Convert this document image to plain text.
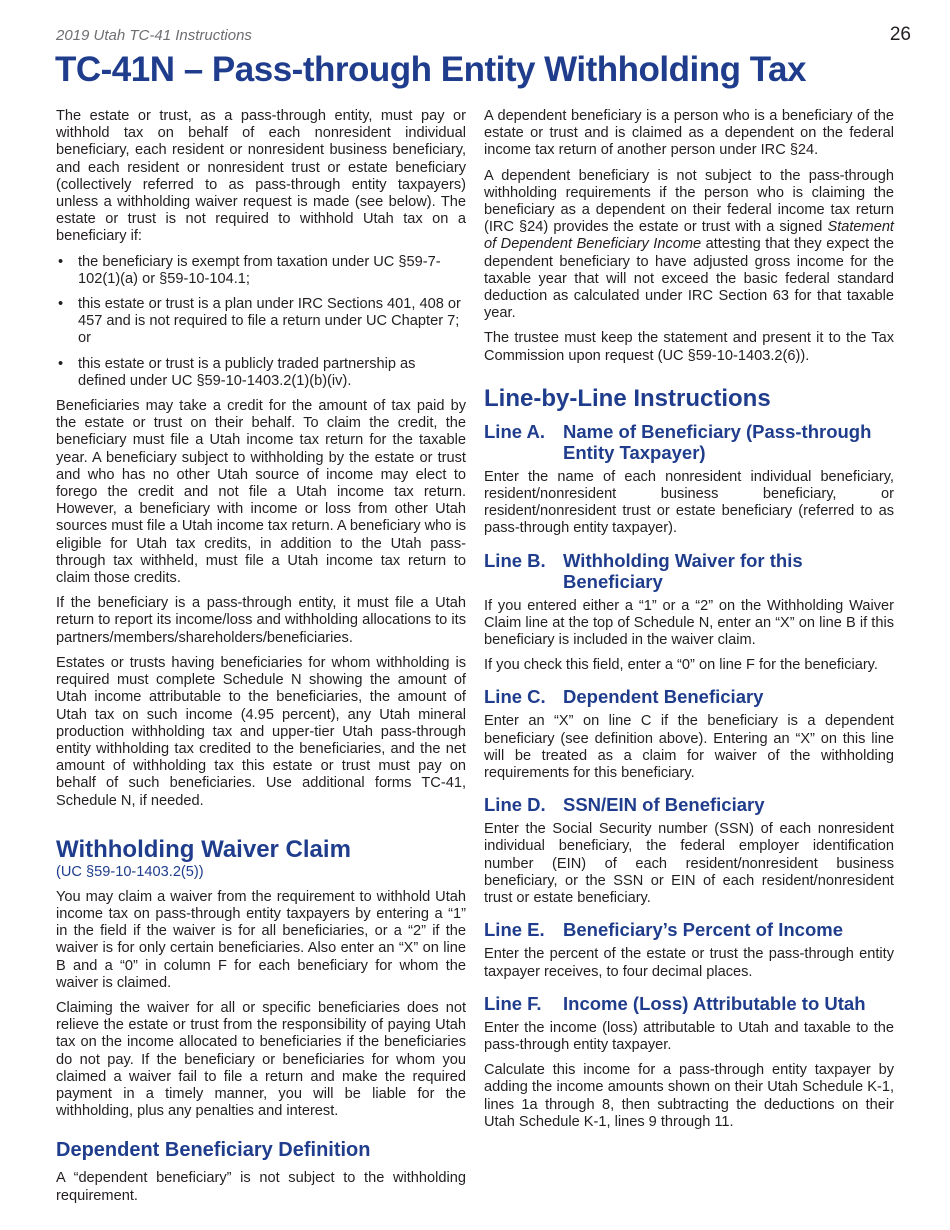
2019 Utah TC-41 Instructions	26
TC-41N – Pass-through Entity Withholding Tax

The estate or trust, as a pass-through entity, must pay or withhold tax on behalf of each nonresident individual beneficiary, each resident or nonresident business beneficiary, and each resident or nonresident trust or estate beneficiary (collectively referred to as pass-through entity taxpayers) unless a withholding waiver request is made (see below). The estate or trust is not required to withhold Utah tax on a beneficiary if:

• the beneficiary is exempt from taxation under UC §59-7-102(1)(a) or §59-10-104.1;
• this estate or trust is a plan under IRC Sections 401, 408 or 457 and is not required to file a return under UC Chapter 7; or
• this estate or trust is a publicly traded partnership as defined under UC §59-10-1403.2(1)(b)(iv).

Beneficiaries may take a credit for the amount of tax paid by the estate or trust on their behalf. To claim the credit, the beneficiary must file a Utah income tax return for the taxable year. A beneficiary subject to withholding by the estate or trust and who has no other Utah source of income may elect to forego the credit and not file a Utah income tax return. However, a beneficiary with income or loss from other Utah sources must file a Utah income tax return. A beneficiary who is eligible for Utah tax credits, in addition to the Utah pass-through tax withheld, must file a Utah income tax return to claim those credits.

If the beneficiary is a pass-through entity, it must file a Utah return to report its income/loss and withholding allocations to its partners/members/shareholders/beneficiaries.

Estates or trusts having beneficiaries for whom withholding is required must complete Schedule N showing the amount of Utah income attributable to the beneficiaries, the amount of Utah tax on such income (4.95 percent), any Utah mineral production withholding tax and upper-tier Utah pass-through entity withholding tax credited to the beneficiaries, and the net amount of withholding tax this estate or trust must pay on behalf of such beneficiaries. Use additional forms TC-41, Schedule N, if needed.

Withholding Waiver Claim
(UC §59-10-1403.2(5))

You may claim a waiver from the requirement to withhold Utah income tax on pass-through entity taxpayers by entering a “1” in the field if the waiver is for all beneficiaries, or a “2” if the waiver is for only certain beneficiaries. Also enter an “X” on line B and a “0” in column F for each beneficiary for whom the waiver is claimed.

Claiming the waiver for all or specific beneficiaries does not relieve the estate or trust from the responsibility of paying Utah tax on the income allocated to beneficiaries if the beneficiaries do not pay. If the beneficiary or beneficiaries for whom you claimed a waiver fail to file a return and make the required payment in a timely manner, you will be liable for the withholding, plus any penalties and interest.

Dependent Beneficiary Definition

A “dependent beneficiary” is not subject to the withholding requirement.

A dependent beneficiary is a person who is a beneficiary of the estate or trust and is claimed as a dependent on the federal income tax return of another person under IRC §24.

A dependent beneficiary is not subject to the pass-through withholding requirements if the person who is claiming the beneficiary as a dependent on their federal income tax return (IRC §24) provides the estate or trust with a signed Statement of Dependent Beneficiary Income attesting that they expect the dependent beneficiary to have adjusted gross income for the taxable year that will not exceed the basic federal standard deduction as calculated under IRC Section 63 for that taxable year.

The trustee must keep the statement and present it to the Tax Commission upon request (UC §59-10-1403.2(6)).

Line-by-Line Instructions
Line A. Name of Beneficiary (Pass-through Entity Taxpayer)

Enter the name of each nonresident individual beneficiary, resident/nonresident business beneficiary, or resident/nonresident trust or estate beneficiary (referred to as pass-through entity taxpayer).

Line B. Withholding Waiver for this Beneficiary

If you entered either a “1” or a “2” on the Withholding Waiver Claim line at the top of Schedule N, enter an “X” on line B if this beneficiary is included in the waiver claim.

If you check this field, enter a “0” on line F for the beneficiary.

Line C. Dependent Beneficiary

Enter an “X” on line C if the beneficiary is a dependent beneficiary (see definition above). Entering an “X” on this line will be treated as a claim for waiver of the withholding requirements for this beneficiary.

Line D. SSN/EIN of Beneficiary

Enter the Social Security number (SSN) of each nonresident individual beneficiary, the federal employer identification number (EIN) of each resident/nonresident business beneficiary, or the SSN or EIN of each resident/nonresident trust or estate beneficiary.

Line E. Beneficiary’s Percent of Income

Enter the percent of the estate or trust the pass-through entity taxpayer receives, to four decimal places.

Line F.	Income (Loss) Attributable to Utah

Enter the income (loss) attributable to Utah and taxable to the pass-through entity taxpayer.

Calculate this income for a pass-through entity taxpayer by adding the income amounts shown on their Utah Schedule K-1, lines 1a through 8, then subtracting the deductions on their Utah Schedule K-1, lines 9 through 11.
